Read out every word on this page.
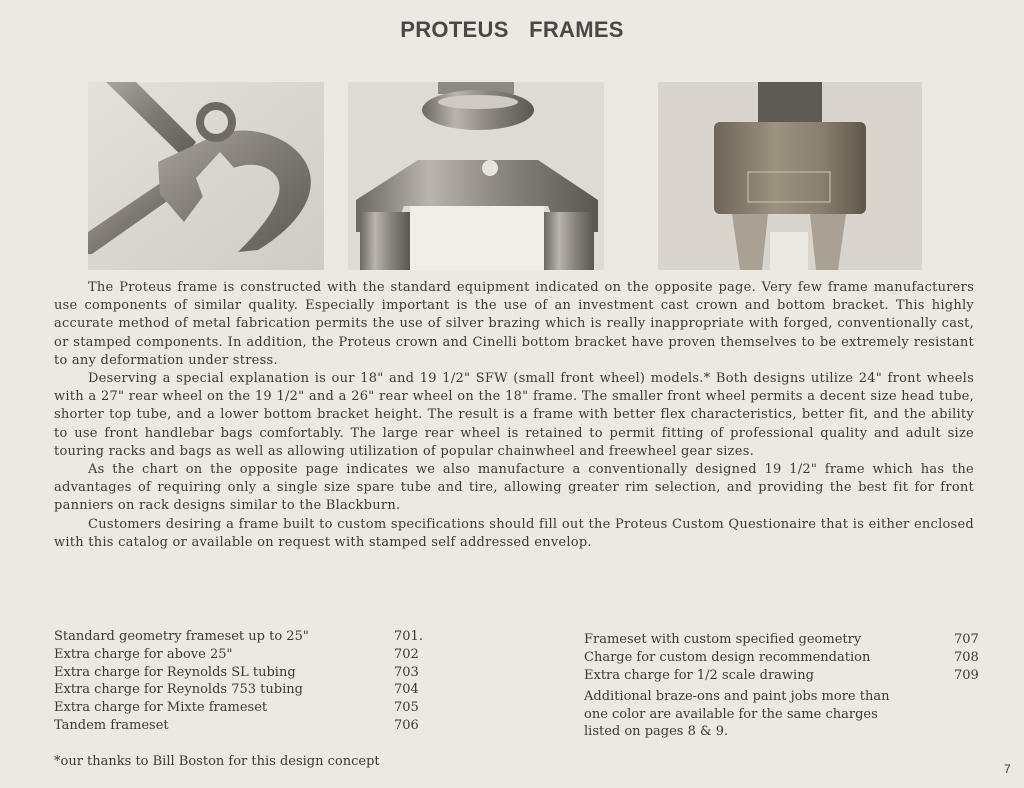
PROTEUS FRAMES

The Proteus frame is constructed with the standard equipment indicated on the opposite page. Very few frame manufacturers use components of similar quality. Especially important is the use of an investment cast crown and bottom bracket. This highly accurate method of metal fabrication permits the use of silver brazing which is really inappropriate with forged, conventionally cast, or stamped components. In addition, the Proteus crown and Cinelli bottom bracket have proven themselves to be extremely resistant to any deformation under stress.

Deserving a special explanation is our 18" and 19 1/2" SFW (small front wheel) models.* Both designs utilize 24" front wheels with a 27" rear wheel on the 19 1/2" and a 26" rear wheel on the 18" frame. The smaller front wheel permits a decent size head tube, shorter top tube, and a lower bottom bracket height. The result is a frame with better flex characteristics, better fit, and the ability to use front handlebar bags comfortably. The large rear wheel is retained to permit fitting of professional quality and adult size touring racks and bags as well as allowing utilization of popular chainwheel and freewheel gear sizes.

As the chart on the opposite page indicates we also manufacture a conventionally designed 19 1/2" frame which has the advantages of requiring only a single size spare tube and tire, allowing greater rim selection, and providing the best fit for front panniers on rack designs similar to the Blackburn.

Customers desiring a frame built to custom specifications should fill out the Proteus Custom Questionaire that is either enclosed with this catalog or available on request with stamped self addressed envelop.

Standard geometry frameset up to 25"	701.
Extra charge for above 25"	702
Extra charge for Reynolds SL tubing	703
Extra charge for Reynolds 753 tubing	704
Extra charge for Mixte frameset	705
Tandem frameset	706
Frameset with custom specified geometry	707
Charge for custom design recommendation	708
Extra charge for 1/2 scale drawing	709
Additional braze-ons and paint jobs more than one color are available for the same charges listed on pages 8 & 9.
*our thanks to Bill Boston for this design concept	7
